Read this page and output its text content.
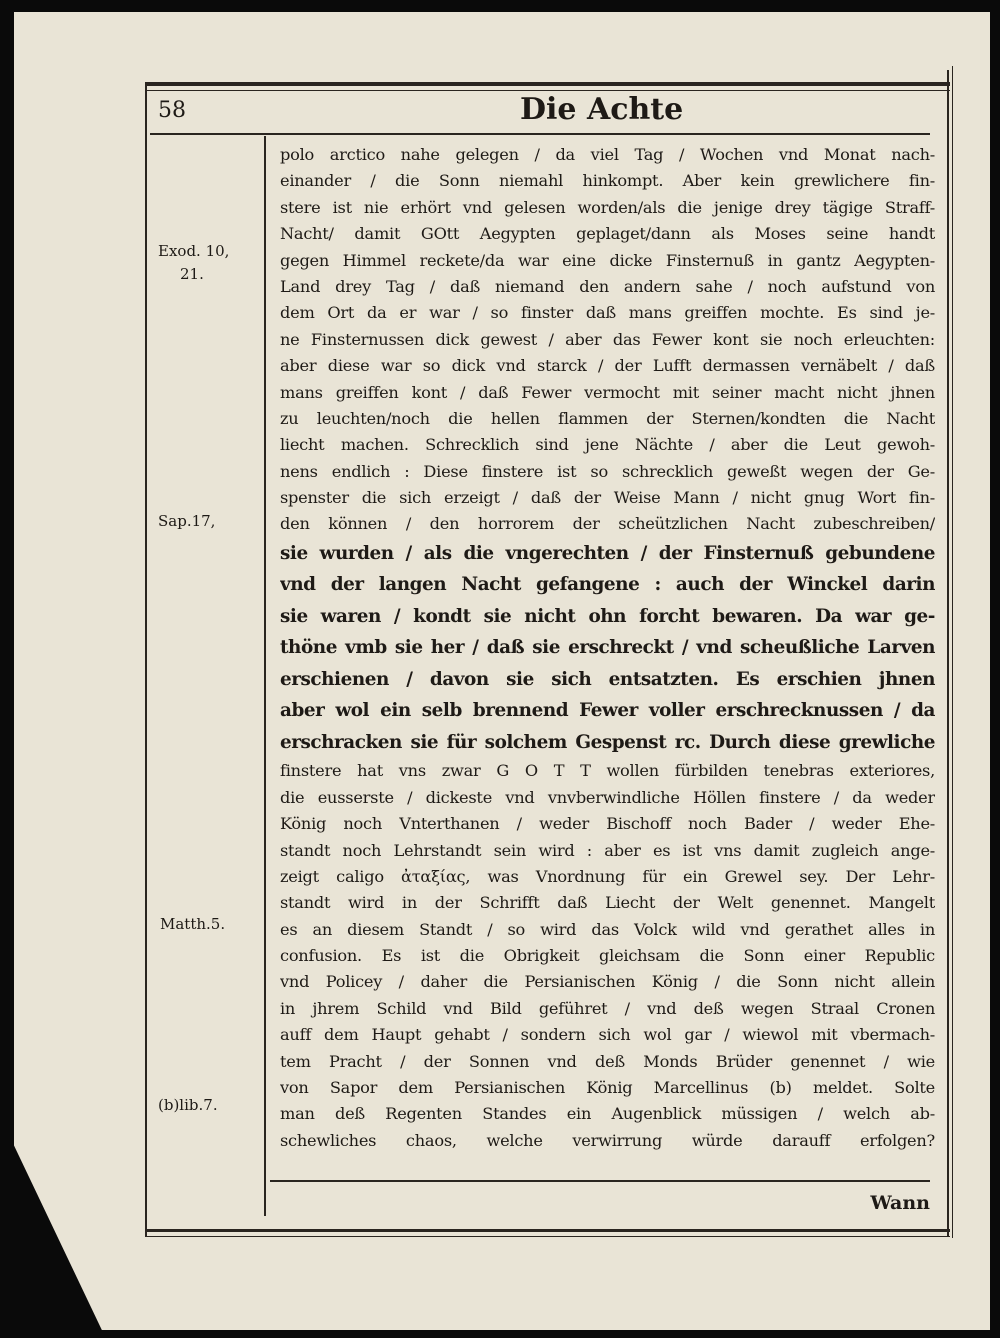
58	Die Achte
Exod. 10,
21.
Sap.17,
Matth.5.
(b)lib.7.
polo arctico nahe gelegen / da viel Tag / Wochen vnd Monat nach-
einander / die Sonn niemahl hinkompt. Aber kein grewlichere fin-
stere ist nie erhört vnd gelesen worden/als die jenige drey tägige Straff-
Nacht/ damit GOtt Aegypten geplaget/dann als Moses seine handt
gegen Himmel reckete/da war eine dicke Finsternuß in gantz Aegypten-
Land drey Tag / daß niemand den andern sahe / noch aufstund von
dem Ort da er war / so finster daß mans greiffen mochte. Es sind je-
ne Finsternussen dick gewest / aber das Fewer kont sie noch erleuchten:
aber diese war so dick vnd starck / der Lufft dermassen vernäbelt / daß
mans greiffen kont / daß Fewer vermocht mit seiner macht nicht jhnen
zu leuchten/noch die hellen flammen der Sternen/kondten die Nacht
liecht machen. Schrecklich sind jene Nächte / aber die Leut gewoh-
nens endlich : Diese finstere ist so schrecklich geweßt wegen der Ge-
spenster die sich erzeigt / daß der Weise Mann / nicht gnug Wort fin-
den können / den horrorem der scheützlichen Nacht zubeschreiben/
sie wurden / als die vngerechten / der Finsternuß gebundene
vnd der langen Nacht gefangene : auch der Winckel darin
sie waren / kondt sie nicht ohn forcht bewaren. Da war ge-
thöne vmb sie her / daß sie erschreckt / vnd scheußliche Larven
erschienen / davon sie sich entsatzten. Es erschien jhnen
aber wol ein selb brennend Fewer voller erschrecknussen / da
erschracken sie für solchem Gespenst rc. Durch diese grewliche
finstere hat vns zwar G O T T wollen fürbilden tenebras exteriores,
die eusserste / dickeste vnd vnvberwindliche Höllen finstere / da weder
König noch Vnterthanen / weder Bischoff noch Bader / weder Ehe-
standt noch Lehrstandt sein wird : aber es ist vns damit zugleich ange-
zeigt caligo ἀταξίας, was Vnordnung für ein Grewel sey. Der Lehr-
standt wird in der Schrifft daß Liecht der Welt genennet. Mangelt
es an diesem Standt / so wird das Volck wild vnd gerathet alles in
confusion. Es ist die Obrigkeit gleichsam die Sonn einer Republic
vnd Policey / daher die Persianischen König / die Sonn nicht allein
in jhrem Schild vnd Bild geführet / vnd deß wegen Straal Cronen
auff dem Haupt gehabt / sondern sich wol gar / wiewol mit vbermach-
tem Pracht / der Sonnen vnd deß Monds Brüder genennet / wie
von Sapor dem Persianischen König Marcellinus (b) meldet. Solte
man deß Regenten Standes ein Augenblick müssigen / welch ab-
schewliches chaos, welche verwirrung würde darauff erfolgen?
Wann
